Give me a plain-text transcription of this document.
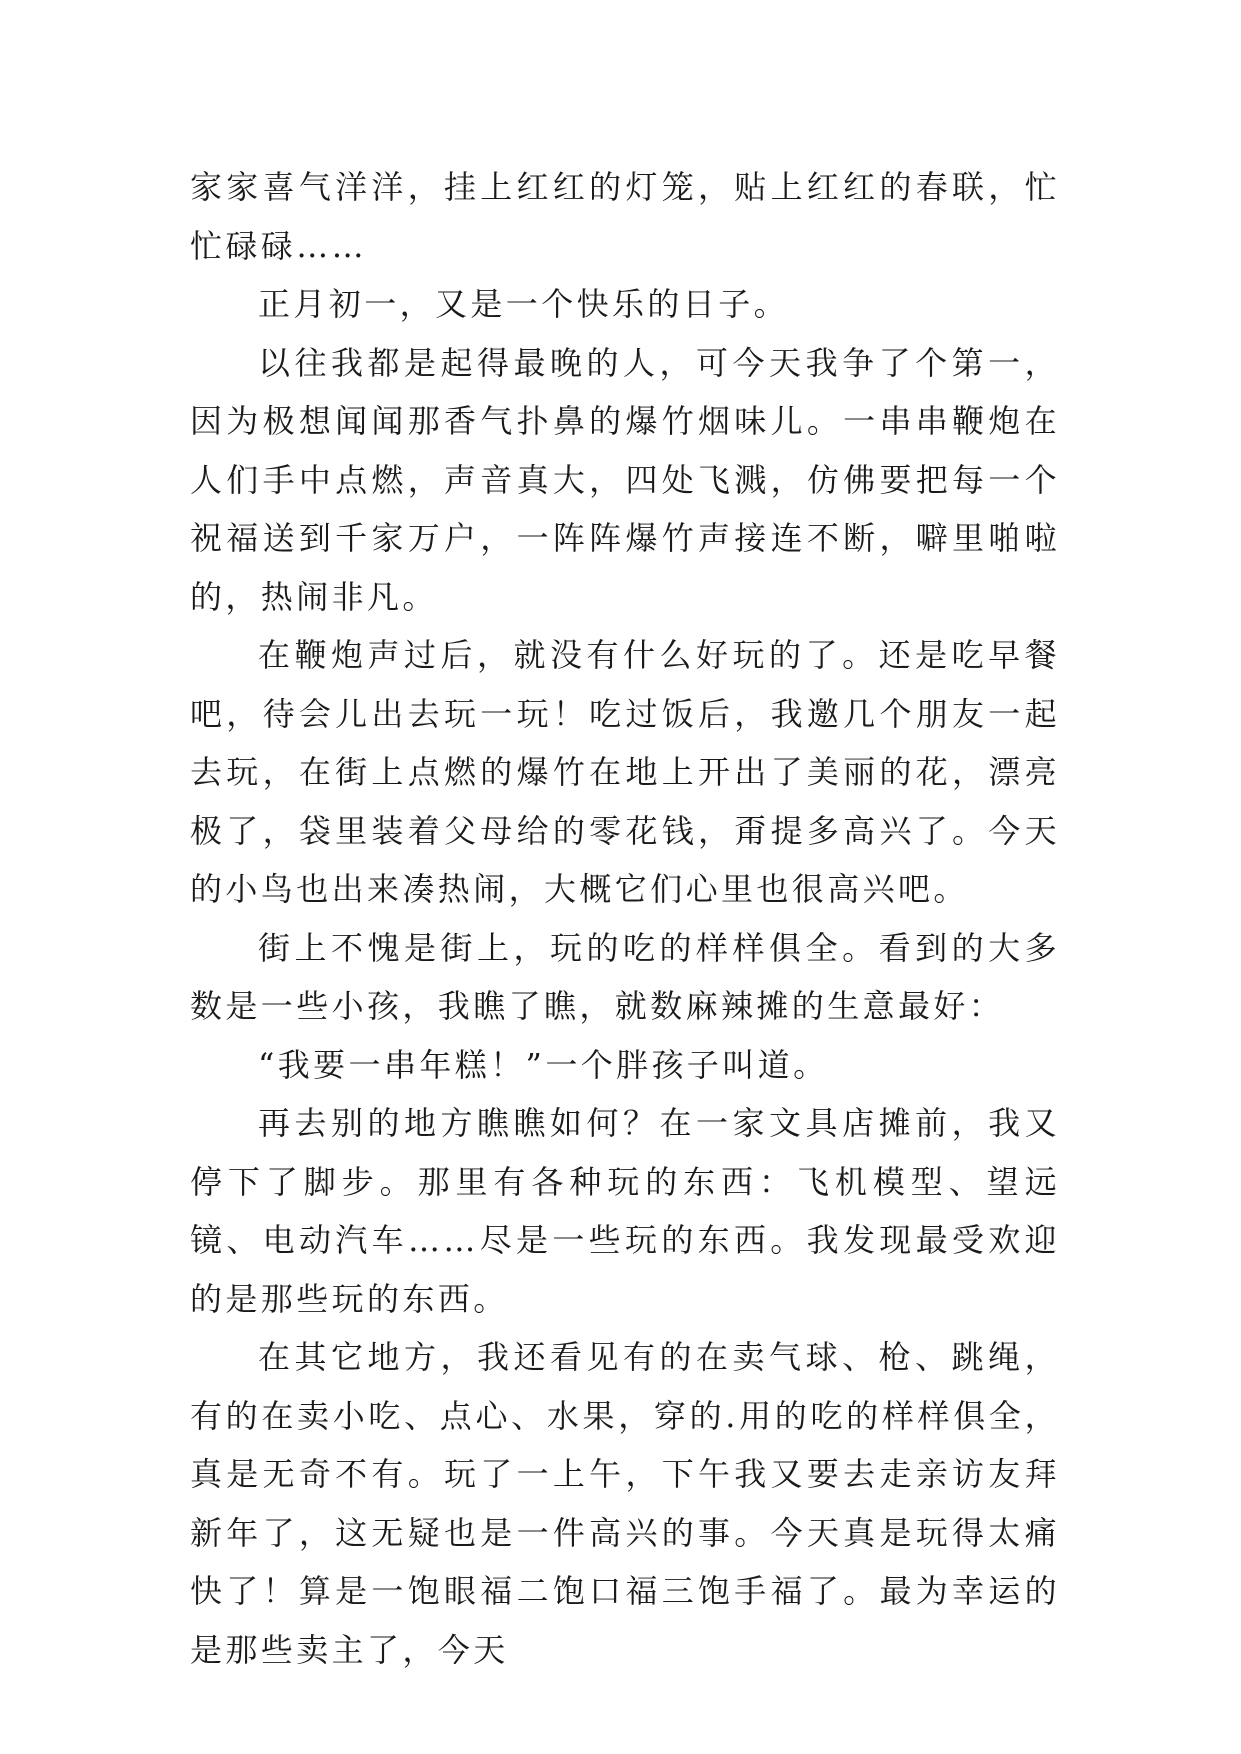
家家喜气洋洋，挂上红红的灯笼，贴上红红的春联，忙忙碌碌……

正月初一，又是一个快乐的日子。

以往我都是起得最晚的人，可今天我争了个第一，因为极想闻闻那香气扑鼻的爆竹烟味儿。一串串鞭炮在人们手中点燃，声音真大，四处飞溅，仿佛要把每一个祝福送到千家万户，一阵阵爆竹声接连不断，噼里啪啦的，热闹非凡。

在鞭炮声过后，就没有什么好玩的了。还是吃早餐吧，待会儿出去玩一玩！吃过饭后，我邀几个朋友一起去玩，在街上点燃的爆竹在地上开出了美丽的花，漂亮极了，袋里装着父母给的零花钱，甭提多高兴了。今天的小鸟也出来凑热闹，大概它们心里也很高兴吧。

街上不愧是街上，玩的吃的样样俱全。看到的大多数是一些小孩，我瞧了瞧，就数麻辣摊的生意最好：

“我要一串年糕！”一个胖孩子叫道。

再去别的地方瞧瞧如何？在一家文具店摊前，我又停下了脚步。那里有各种玩的东西：飞机模型、望远镜、电动汽车……尽是一些玩的东西。我发现最受欢迎的是那些玩的东西。

在其它地方，我还看见有的在卖气球、枪、跳绳，有的在卖小吃、点心、水果，穿的.用的吃的样样俱全，真是无奇不有。玩了一上午，下午我又要去走亲访友拜新年了，这无疑也是一件高兴的事。今天真是玩得太痛快了！算是一饱眼福二饱口福三饱手福了。最为幸运的是那些卖主了，今天
